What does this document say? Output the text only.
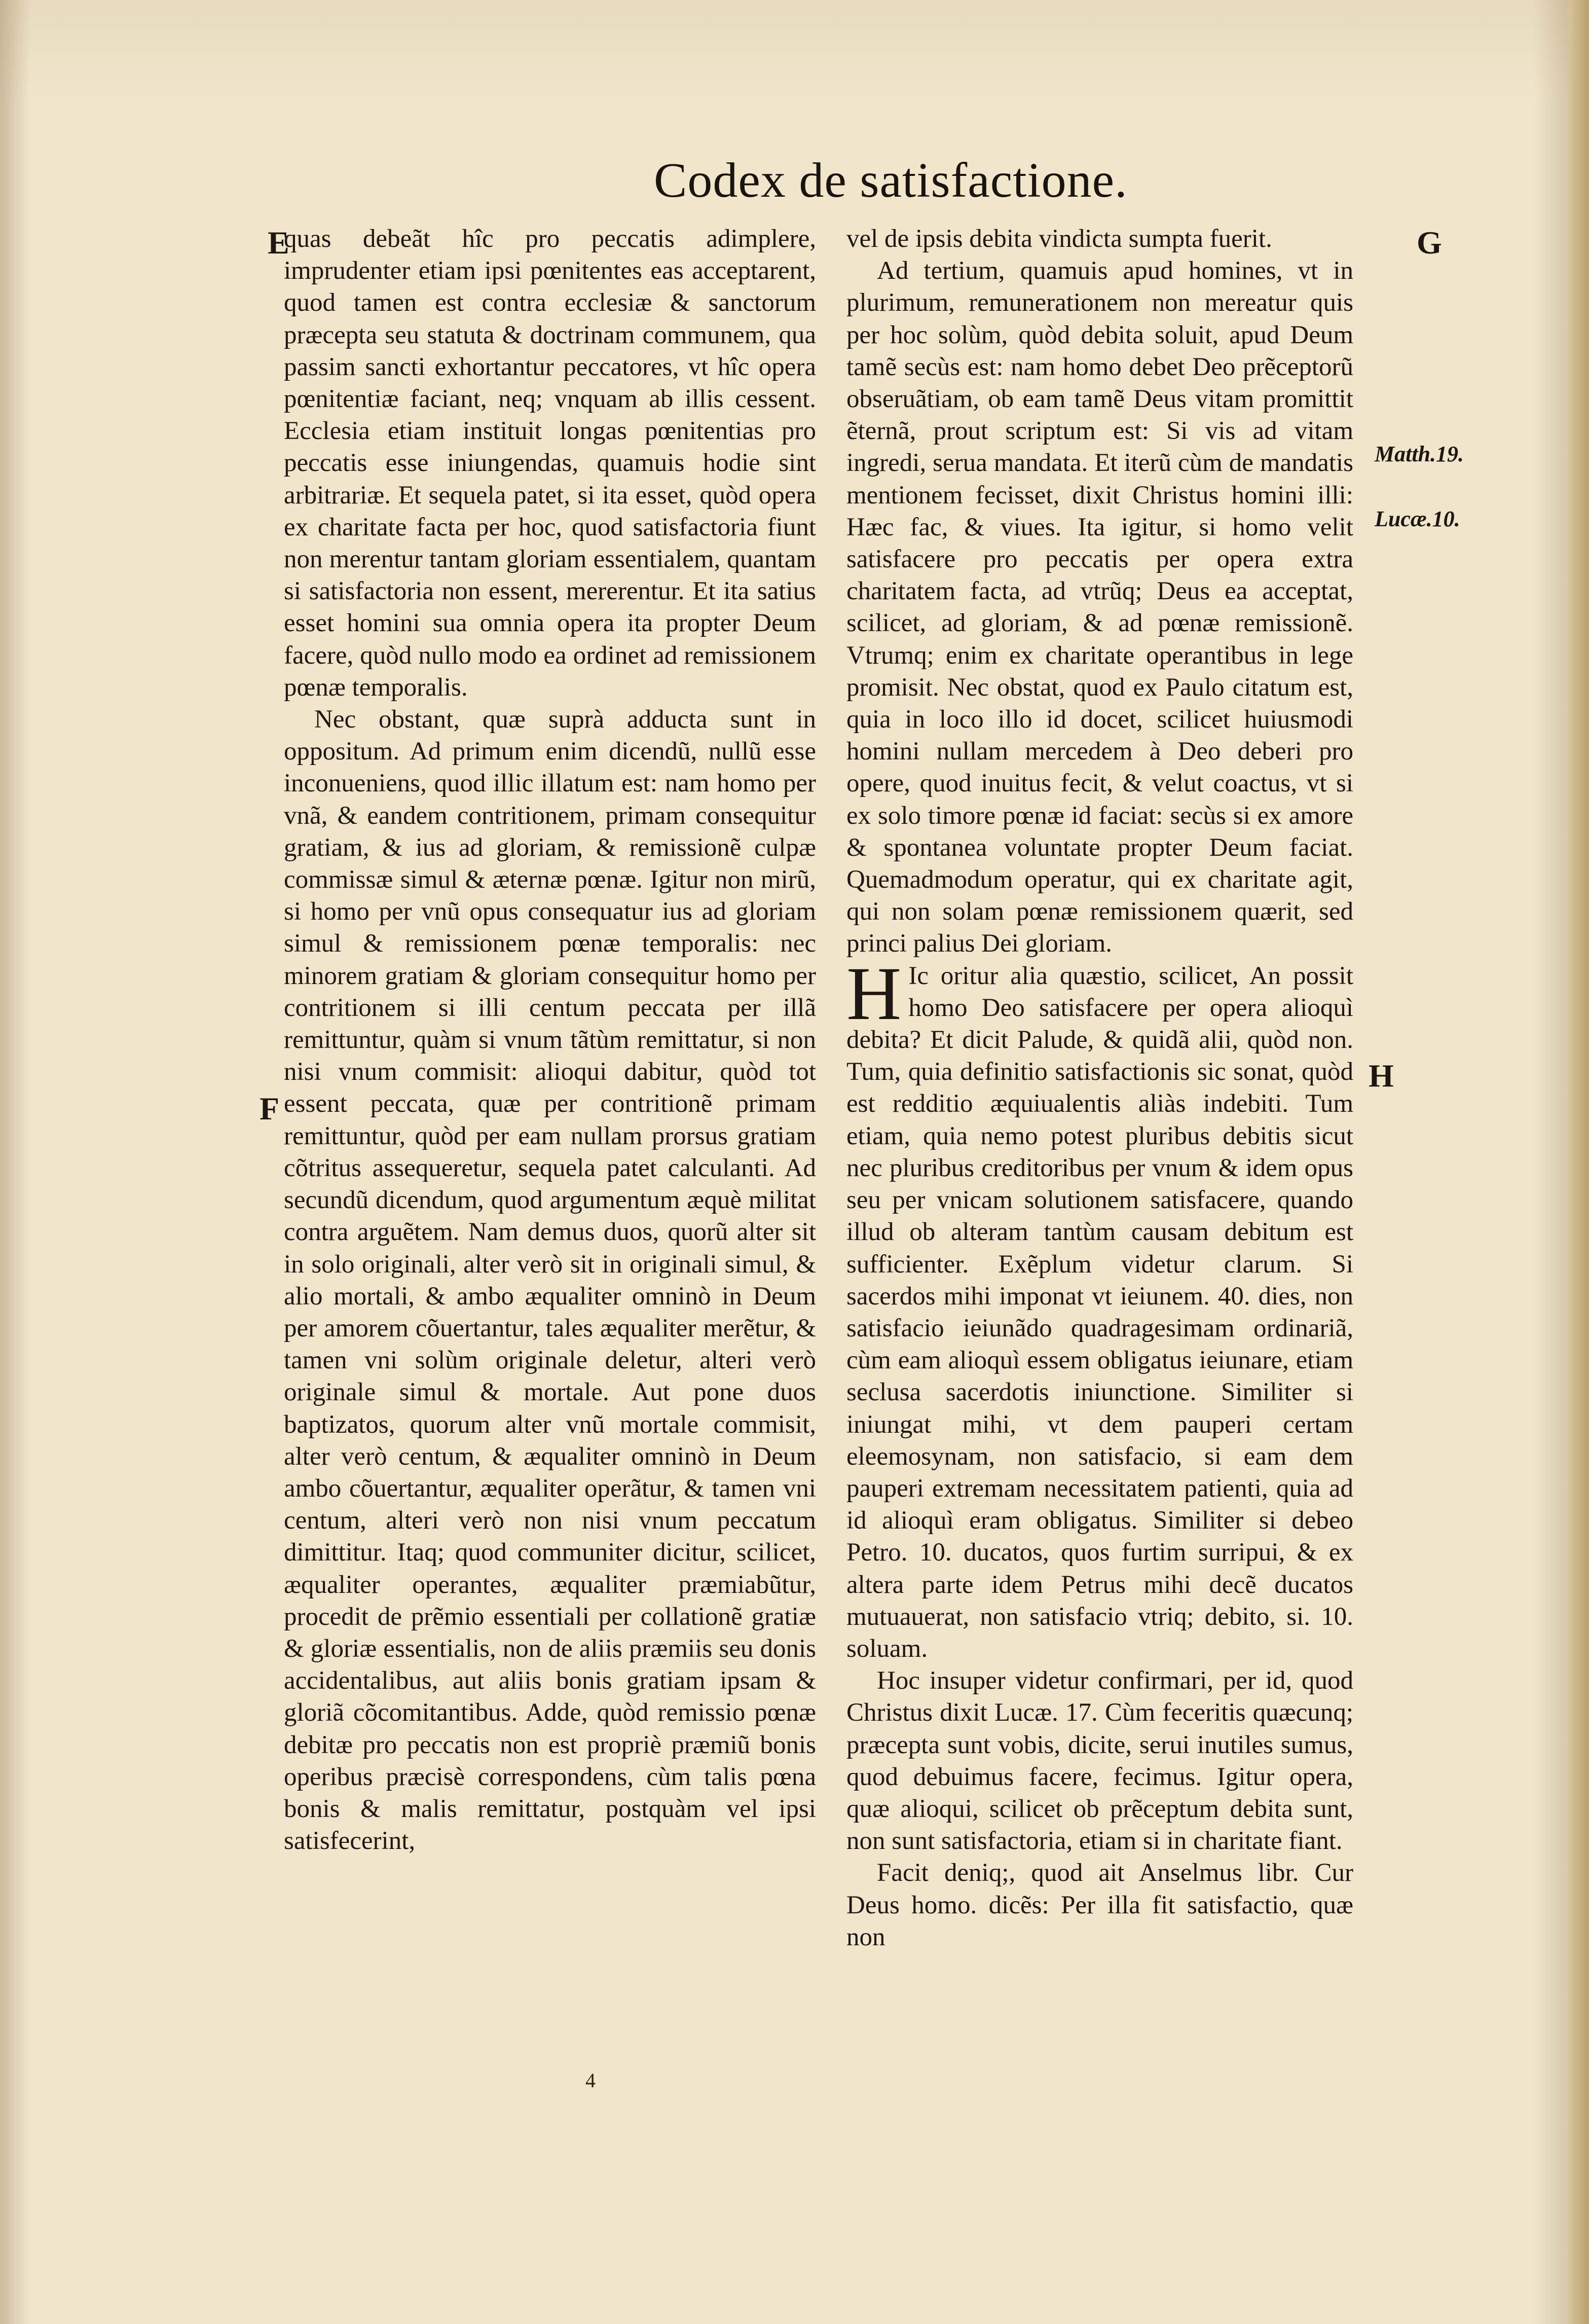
Codex de satisfactione.
E
F
G
H
Matth.19.
Lucæ.10.

quas debeãt hîc pro peccatis adimplere, imprudenter etiam ipsi pœnitentes eas acceptarent, quod tamen est contra ecclesiæ & sanctorum præcepta seu statuta & doctrinam communem, qua passim sancti exhortantur peccatores, vt hîc opera pœnitentiæ faciant, neq; vnquam ab illis cessent. Ecclesia etiam instituit longas pœnitentias pro peccatis esse iniungendas, quamuis hodie sint arbitrariæ. Et sequela patet, si ita esset, quòd opera ex charitate facta per hoc, quod satisfactoria fiunt non merentur tantam gloriam essentialem, quantam si satisfactoria non essent, mererentur. Et ita satius esset homini sua omnia opera ita propter Deum facere, quòd nullo modo ea ordinet ad remissionem pœnæ temporalis.

Nec obstant, quæ suprà adducta sunt in oppositum. Ad primum enim dicendũ, nullũ esse inconueniens, quod illic illatum est: nam homo per vnã, & eandem contritionem, primam consequitur gratiam, & ius ad gloriam, & remissionẽ culpæ commissæ simul & æternæ pœnæ. Igitur non mirũ, si homo per vnũ opus consequatur ius ad gloriam simul & remissionem pœnæ temporalis: nec minorem gratiam & gloriam consequitur homo per contritionem si illi centum peccata per illã remittuntur, quàm si vnum tãtùm remittatur, si non nisi vnum commisit: alioqui dabitur, quòd tot essent peccata, quæ per contritionẽ primam remittuntur, quòd per eam nullam prorsus gratiam cõtritus assequeretur, sequela patet calculanti. Ad secundũ dicendum, quod argumentum æquè militat contra arguẽtem. Nam demus duos, quorũ alter sit in solo originali, alter verò sit in originali simul, & alio mortali, & ambo æqualiter omninò in Deum per amorem cõuertantur, tales æqualiter merẽtur, & tamen vni solùm originale deletur, alteri verò originale simul & mortale. Aut pone duos baptizatos, quorum alter vnũ mortale commisit, alter verò centum, & æqualiter omninò in Deum ambo cõuertantur, æqualiter operãtur, & tamen vni centum, alteri verò non nisi vnum peccatum dimittitur. Itaq; quod communiter dicitur, scilicet, æqualiter operantes, æqualiter præmiabũtur, procedit de prẽmio essentiali per collationẽ gratiæ & gloriæ essentialis, non de aliis præmiis seu donis accidentalibus, aut aliis bonis gratiam ipsam & gloriã cõcomitantibus. Adde, quòd remissio pœnæ debitæ pro peccatis non est propriè præmiũ bonis operibus præcisè correspondens, cùm talis pœna bonis & malis remittatur, postquàm vel ipsi satisfecerint,

vel de ipsis debita vindicta sumpta fuerit.

Ad tertium, quamuis apud homines, vt in plurimum, remunerationem non mereatur quis per hoc solùm, quòd debita soluit, apud Deum tamẽ secùs est: nam homo debet Deo prẽceptorũ obseruãtiam, ob eam tamẽ Deus vitam promittit ẽternã, prout scriptum est: Si vis ad vitam ingredi, serua mandata. Et iterũ cùm de mandatis mentionem fecisset, dixit Christus homini illi: Hæc fac, & viues. Ita igitur, si homo velit satisfacere pro peccatis per opera extra charitatem facta, ad vtrũq; Deus ea acceptat, scilicet, ad gloriam, & ad pœnæ remissionẽ. Vtrumq; enim ex charitate operantibus in lege promisit. Nec obstat, quod ex Paulo citatum est, quia in loco illo id docet, scilicet huiusmodi homini nullam mercedem à Deo deberi pro opere, quod inuitus fecit, & velut coactus, vt si ex solo timore pœnæ id faciat: secùs si ex amore & spontanea voluntate propter Deum faciat. Quemadmodum operatur, qui ex charitate agit, qui non solam pœnæ remissionem quærit, sed princi palius Dei gloriam.

H Ic oritur alia quæstio, scilicet, An possit homo Deo satisfacere per opera alioquì debita? Et dicit Palude, & quidã alii, quòd non. Tum, quia definitio satisfactionis sic sonat, quòd est redditio æquiualentis aliàs indebiti. Tum etiam, quia nemo potest pluribus debitis sicut nec pluribus creditoribus per vnum & idem opus seu per vnicam solutionem satisfacere, quando illud ob alteram tantùm causam debitum est sufficienter. Exẽplum videtur clarum. Si sacerdos mihi imponat vt ieiunem. 40. dies, non satisfacio ieiunãdo quadragesimam ordinariã, cùm eam alioquì essem obligatus ieiunare, etiam seclusa sacerdotis iniunctione. Similiter si iniungat mihi, vt dem pauperi certam eleemosynam, non satisfacio, si eam dem pauperi extremam necessitatem patienti, quia ad id alioquì eram obligatus. Similiter si debeo Petro. 10. ducatos, quos furtim surripui, & ex altera parte idem Petrus mihi decẽ ducatos mutuauerat, non satisfacio vtriq; debito, si. 10. soluam.

Hoc insuper videtur confirmari, per id, quod Christus dixit Lucæ. 17. Cùm feceritis quæcunq; præcepta sunt vobis, dicite, serui inutiles sumus, quod debuimus facere, fecimus. Igitur opera, quæ alioqui, scilicet ob prẽceptum debita sunt, non sunt satisfactoria, etiam si in charitate fiant.

Facit deniq;, quod ait Anselmus libr. Cur Deus homo. dicẽs: Per illa fit satisfactio, quæ non

4
